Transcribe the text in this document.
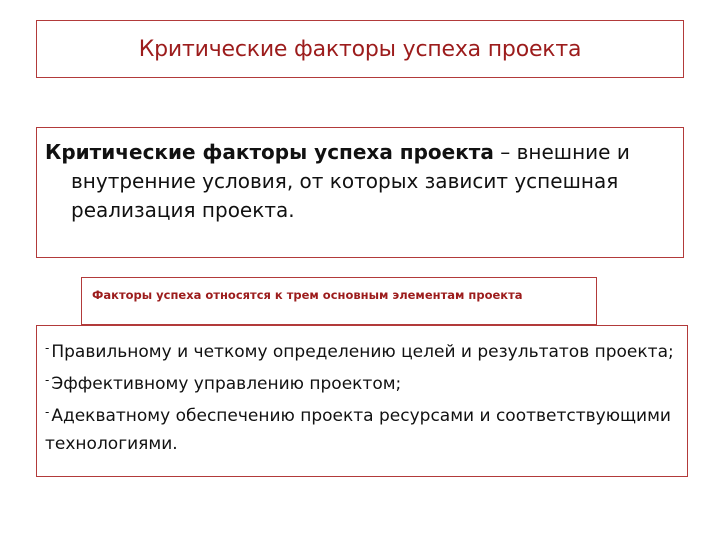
Критические факторы успеха проекта

Критические факторы успеха проекта – внешние и внутренние условия, от которых зависит успешная реализация проекта.

Факторы успеха относятся к трем основным элементам проекта
- Правильному и четкому определению целей и результатов проекта;
- Эффективному управлению проектом;
- Адекватному обеспечению проекта ресурсами и соответствующими технологиями.
